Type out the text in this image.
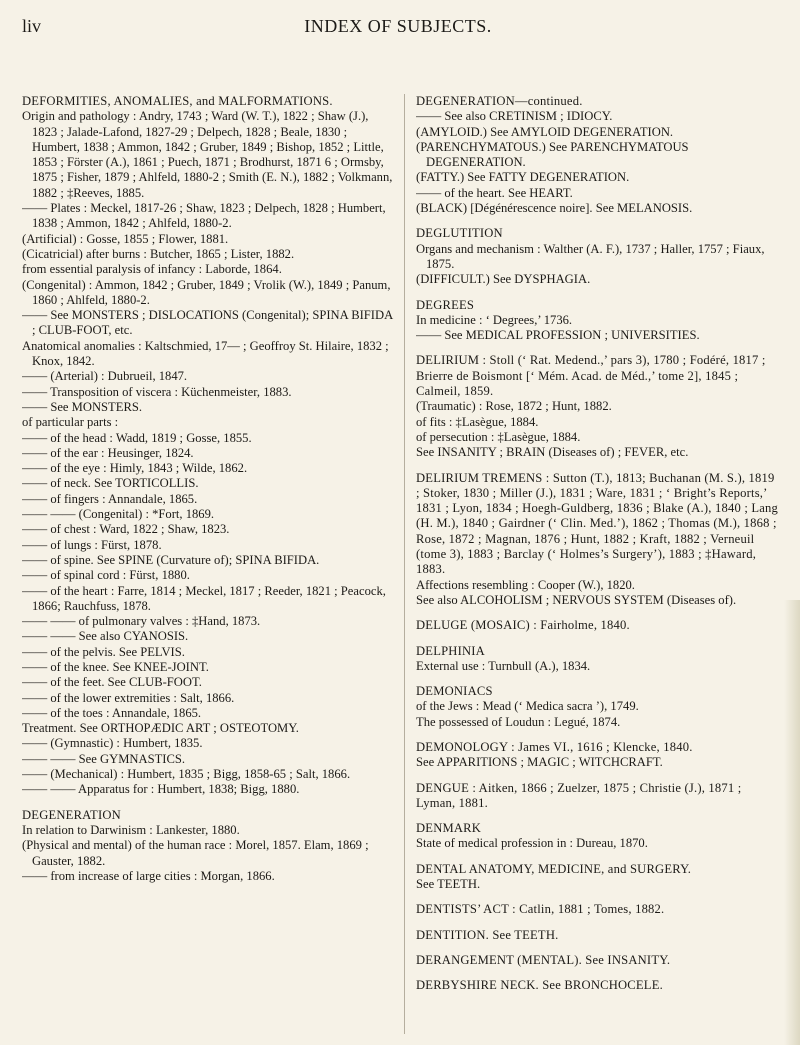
liv	INDEX OF SUBJECTS.
DEFORMITIES, ANOMALIES, and MALFORMATIONS.
Origin and pathology : Andry, 1743 ; Ward (W. T.), 1822 ; Shaw (J.), 1823 ; Jalade-Lafond, 1827-29 ; Delpech, 1828 ; Beale, 1830 ; Humbert, 1838 ; Ammon, 1842 ; Gruber, 1849 ; Bishop, 1852 ; Little, 1853 ; Förster (A.), 1861 ; Puech, 1871 ; Brodhurst, 1871 6 ; Ormsby, 1875 ; Fisher, 1879 ; Ahlfeld, 1880-2 ; Smith (E. N.), 1882 ; Volkmann, 1882 ; ‡Reeves, 1885.
—— Plates : Meckel, 1817-26 ; Shaw, 1823 ; Delpech, 1828 ; Humbert, 1838 ; Ammon, 1842 ; Ahlfeld, 1880-2.
(Artificial) : Gosse, 1855 ; Flower, 1881.
(Cicatricial) after burns : Butcher, 1865 ; Lister, 1882.
from essential paralysis of infancy : Laborde, 1864.
(Congenital) : Ammon, 1842 ; Gruber, 1849 ; Vrolik (W.), 1849 ; Panum, 1860 ; Ahlfeld, 1880-2.
—— See MONSTERS ; DISLOCATIONS (Congenital); SPINA BIFIDA ; CLUB-FOOT, etc.
Anatomical anomalies : Kaltschmied, 17— ; Geoffroy St. Hilaire, 1832 ; Knox, 1842.
—— (Arterial) : Dubrueil, 1847.
—— Transposition of viscera : Küchenmeister, 1883.
—— See MONSTERS.
of particular parts :
—— of the head : Wadd, 1819 ; Gosse, 1855.
—— of the ear : Heusinger, 1824.
—— of the eye : Himly, 1843 ; Wilde, 1862.
—— of neck. See TORTICOLLIS.
—— of fingers : Annandale, 1865.
—— —— (Congenital) : *Fort, 1869.
—— of chest : Ward, 1822 ; Shaw, 1823.
—— of lungs : Fürst, 1878.
—— of spine. See SPINE (Curvature of); SPINA BIFIDA.
—— of spinal cord : Fürst, 1880.
—— of the heart : Farre, 1814 ; Meckel, 1817 ; Reeder, 1821 ; Peacock, 1866; Rauchfuss, 1878.
—— —— of pulmonary valves : ‡Hand, 1873.
—— —— See also CYANOSIS.
—— of the pelvis. See PELVIS.
—— of the knee. See KNEE-JOINT.
—— of the feet. See CLUB-FOOT.
—— of the lower extremities : Salt, 1866.
—— of the toes : Annandale, 1865.
Treatment. See ORTHOPÆDIC ART ; OSTEOTOMY.
—— (Gymnastic) : Humbert, 1835.
—— —— See GYMNASTICS.
—— (Mechanical) : Humbert, 1835 ; Bigg, 1858-65 ; Salt, 1866.
—— —— Apparatus for : Humbert, 1838; Bigg, 1880.
DEGENERATION
In relation to Darwinism : Lankester, 1880.
(Physical and mental) of the human race : Morel, 1857. Elam, 1869 ; Gauster, 1882.
—— from increase of large cities : Morgan, 1866.
DEGENERATION—continued.
—— See also CRETINISM ; IDIOCY.
(AMYLOID.) See AMYLOID DEGENERATION.
(PARENCHYMATOUS.) See PARENCHYMATOUS DEGENERATION.
(FATTY.) See FATTY DEGENERATION.
—— of the heart. See HEART.
(BLACK) [Dégénérescence noire]. See MELANOSIS.
DEGLUTITION
Organs and mechanism : Walther (A. F.), 1737 ; Haller, 1757 ; Fiaux, 1875.
(DIFFICULT.) See DYSPHAGIA.
DEGREES
In medicine : ‘ Degrees,’ 1736.
—— See MEDICAL PROFESSION ; UNIVERSITIES.
DELIRIUM : Stoll (‘ Rat. Medend.,’ pars 3), 1780 ; Fodéré, 1817 ; Brierre de Boismont [‘ Mém. Acad. de Méd.,’ tome 2], 1845 ; Calmeil, 1859.
(Traumatic) : Rose, 1872 ; Hunt, 1882.
of fits : ‡Lasègue, 1884.
of persecution : ‡Lasègue, 1884.
See INSANITY ; BRAIN (Diseases of) ; FEVER, etc.
DELIRIUM TREMENS : Sutton (T.), 1813; Buchanan (M. S.), 1819 ; Stoker, 1830 ; Miller (J.), 1831 ; Ware, 1831 ; ‘ Bright’s Reports,’ 1831 ; Lyon, 1834 ; Hoegh-Guldberg, 1836 ; Blake (A.), 1840 ; Lang (H. M.), 1840 ; Gairdner (‘ Clin. Med.’), 1862 ; Thomas (M.), 1868 ; Rose, 1872 ; Magnan, 1876 ; Hunt, 1882 ; Kraft, 1882 ; Verneuil (tome 3), 1883 ; Barclay (‘ Holmes’s Surgery’), 1883 ; ‡Haward, 1883.
Affections resembling : Cooper (W.), 1820.
See also ALCOHOLISM ; NERVOUS SYSTEM (Diseases of).
DELUGE (MOSAIC) : Fairholme, 1840.
DELPHINIA
External use : Turnbull (A.), 1834.
DEMONIACS
of the Jews : Mead (‘ Medica sacra ’), 1749.
The possessed of Loudun : Legué, 1874.
DEMONOLOGY : James VI., 1616 ; Klencke, 1840.
See APPARITIONS ; MAGIC ; WITCHCRAFT.
DENGUE : Aitken, 1866 ; Zuelzer, 1875 ; Christie (J.), 1871 ; Lyman, 1881.
DENMARK
State of medical profession in : Dureau, 1870.
DENTAL ANATOMY, MEDICINE, and SURGERY.
See TEETH.
DENTISTS’ ACT : Catlin, 1881 ; Tomes, 1882.
DENTITION. See TEETH.
DERANGEMENT (MENTAL). See INSANITY.
DERBYSHIRE NECK. See BRONCHOCELE.
